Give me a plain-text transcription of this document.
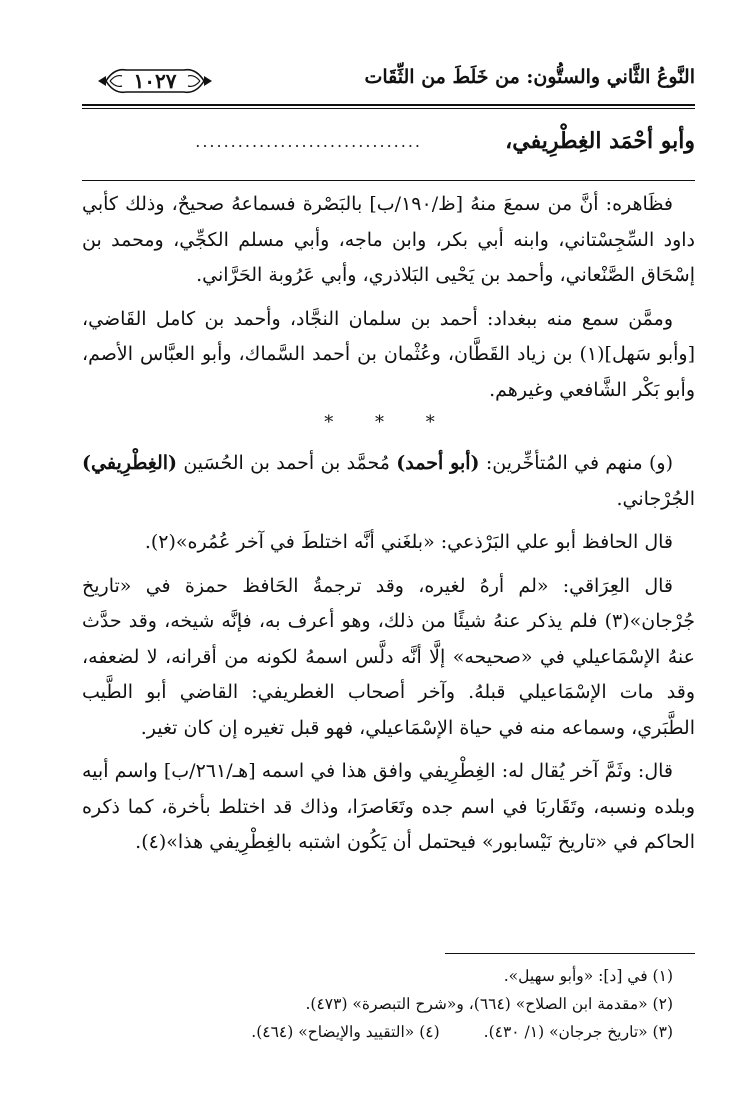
النَّوعُ الثَّاني والستُّون: من خَلَطَ من الثِّقَات
١٠٢٧
وأبو أحْمَد الغِطْرِيفي،
................................

فظَاهره: أنَّ من سمعَ منهُ [ظ/١٩٠/ب] بالبَصْرة فسماعهُ صحيحٌ، وذلك كأبي داود السِّجِسْتاني، وابنه أبي بكر، وابن ماجه، وأبي مسلم الكجِّي، ومحمد بن إسْحَاق الصَّنْعاني، وأحمد بن يَحْيى البَلاذري، وأبي عَرُوبة الحَرَّاني.

وممَّن سمع منه ببغداد: أحمد بن سلمان النجَّاد، وأحمد بن كامل القَاضي، [وأبو سَهل](١) بن زياد القَطَّان، وعُثْمان بن أحمد السَّماك، وأبو العبَّاس الأصم، وأبو بَكْر الشَّافعي وغيرهم.

* * *

(و) منهم في المُتأخِّرين: (أبو أحمد) مُحمَّد بن أحمد بن الحُسَين (الغِطْرِيفي) الجُرْجاني.

قال الحافظ أبو علي البَرْذعي: «بلغَني أنَّه اختلطَ في آخر عُمُره»(٢).

قال العِرَاقي: «لم أرهُ لغيره، وقد ترجمةُ الحَافظ حمزة في «تاريخ جُرْجان»(٣) فلم يذكر عنهُ شيئًا من ذلك، وهو أعرف به، فإنَّه شيخه، وقد حدَّث عنهُ الإسْمَاعيلي في «صحيحه» إلَّا أنَّه دلَّس اسمهُ لكونه من أقرانه، لا لضعفه، وقد مات الإسْمَاعيلي قبلهُ. وآخر أصحاب الغطريفي: القاضي أبو الطَّيب الطَّبَري، وسماعه منه في حياة الإسْمَاعيلي، فهو قبل تغيره إن كان تغير.

قال: وثَمَّ آخر يُقال له: الغِطْرِيفي وافق هذا في اسمه [هـ/٢٦١/ب] واسم أبيه وبلده ونسبه، وتَقَاربَا في اسم جده وتَعَاصرَا، وذاك قد اختلط بأخرة، كما ذكره الحاكم في «تاريخ نَيْسابور» فيحتمل أن يَكُون اشتبه بالغِطْرِيفي هذا»(٤).

(١) في [د]: «وأبو سهيل».
(٢) «مقدمة ابن الصلاح» (٦٦٤)، و«شرح التبصرة» (٤٧٣).
(٣) «تاريخ جرجان» (١/ ٤٣٠).
(٤) «التقييد والإيضاح» (٤٦٤).
